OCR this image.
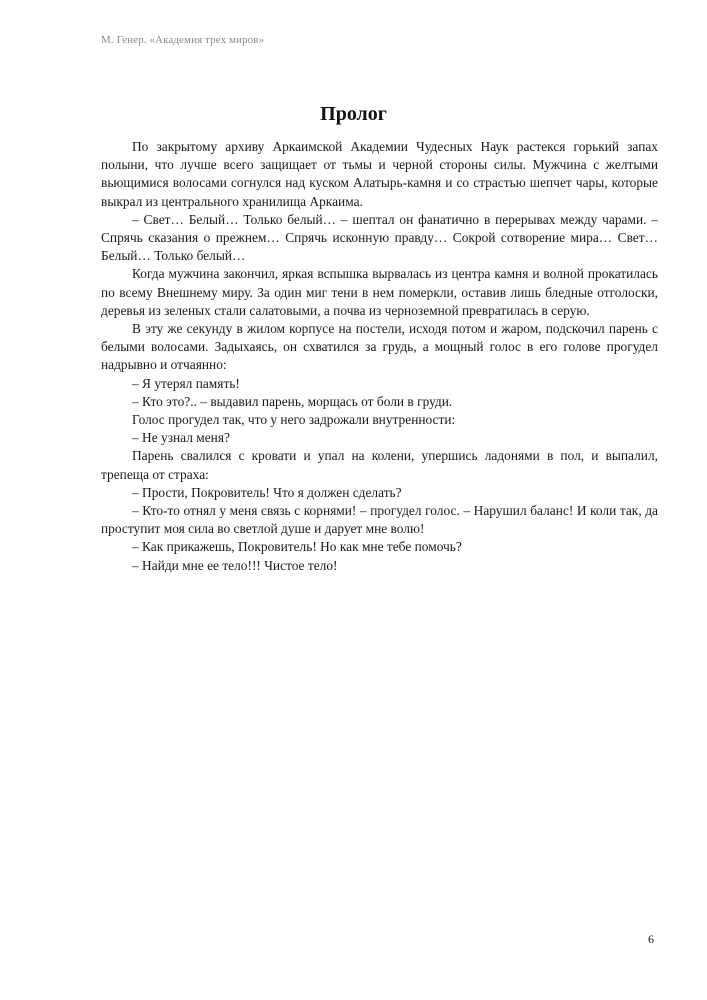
М. Генер. «Академия трех миров»
Пролог

По закрытому архиву Аркаимской Академии Чудесных Наук растекся горький запах полыни, что лучше всего защищает от тьмы и черной стороны силы. Мужчина с желтыми вьющимися волосами согнулся над куском Алатырь-камня и со страстью шепчет чары, которые выкрал из центрального хранилища Аркаима.

– Свет… Белый… Только белый… – шептал он фанатично в перерывах между чарами. – Спрячь сказания о прежнем… Спрячь исконную правду… Сокрой сотворение мира… Свет… Белый… Только белый…

Когда мужчина закончил, яркая вспышка вырвалась из центра камня и волной прокатилась по всему Внешнему миру. За один миг тени в нем померкли, оставив лишь бледные отголоски, деревья из зеленых стали салатовыми, а почва из черноземной превратилась в серую.

В эту же секунду в жилом корпусе на постели, исходя потом и жаром, подскочил парень с белыми волосами. Задыхаясь, он схватился за грудь, а мощный голос в его голове прогудел надрывно и отчаянно:

– Я утерял память!

– Кто это?.. – выдавил парень, морщась от боли в груди.

Голос прогудел так, что у него задрожали внутренности:

– Не узнал меня?

Парень свалился с кровати и упал на колени, упершись ладонями в пол, и выпалил, трепеща от страха:

– Прости, Покровитель! Что я должен сделать?

– Кто-то отнял у меня связь с корнями! – прогудел голос. – Нарушил баланс! И коли так, да проступит моя сила во светлой душе и дарует мне волю!

– Как прикажешь, Покровитель! Но как мне тебе помочь?

– Найди мне ее тело!!! Чистое тело!

6
